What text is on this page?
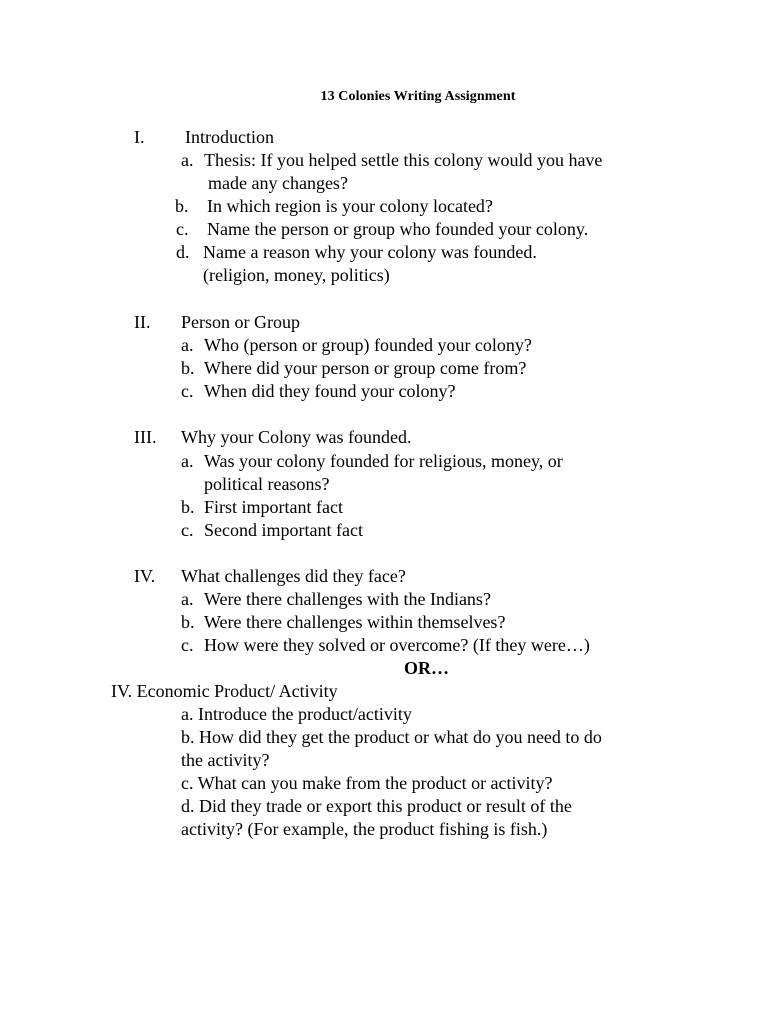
13 Colonies Writing Assignment
I. Introduction
a. Thesis: If you helped settle this colony would you have
made any changes?
b. In which region is your colony located?
c. Name the person or group who founded your colony.
d. Name a reason why your colony was founded.
(religion, money, politics)
II. Person or Group
a. Who (person or group) founded your colony?
b. Where did your person or group come from?
c. When did they found your colony?
III. Why your Colony was founded.
a. Was your colony founded for religious, money, or
political reasons?
b. First important fact
c. Second important fact
IV. What challenges did they face?
a. Were there challenges with the Indians?
b. Were there challenges within themselves?
c. How were they solved or overcome? (If they were…)
OR…
IV. Economic Product/ Activity
a. Introduce the product/activity
b. How did they get the product or what do you need to do
the activity?
c. What can you make from the product or activity?
d. Did they trade or export this product or result of the
activity? (For example, the product fishing is fish.)
